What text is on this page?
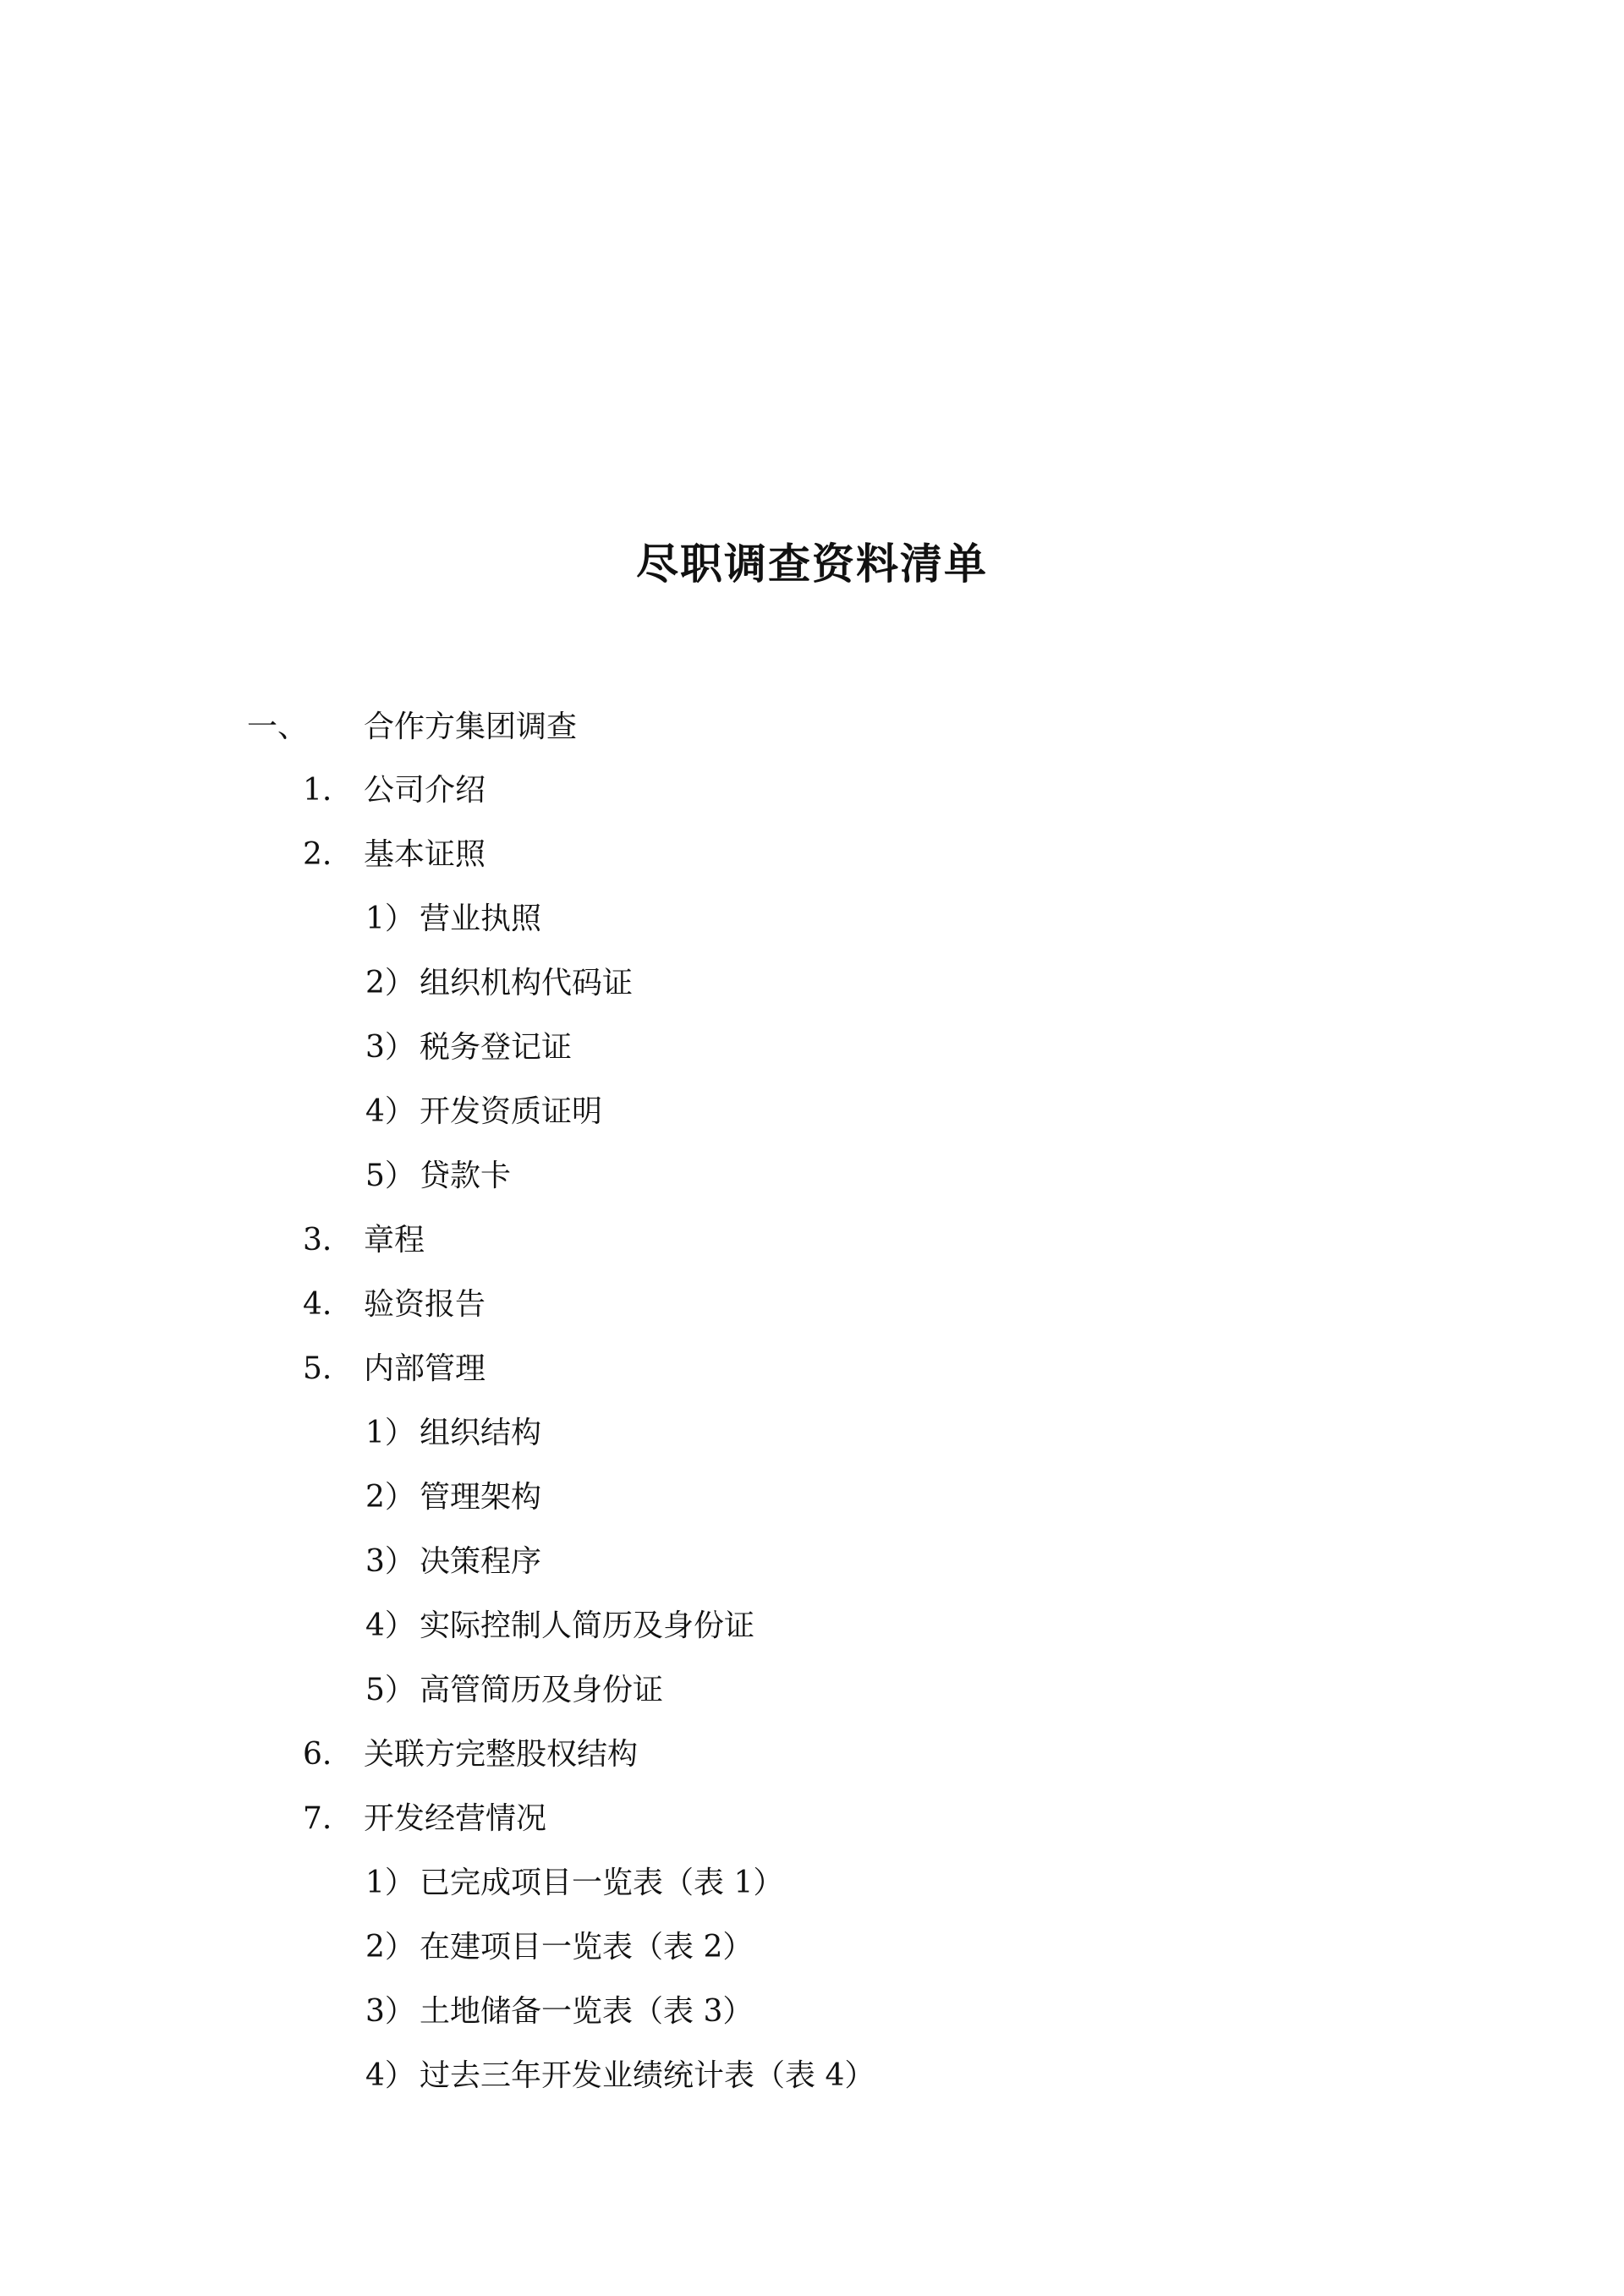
尽职调查资料清单
一、 合作方集团调查
1. 公司介绍
2. 基本证照
1） 营业执照
2） 组织机构代码证
3） 税务登记证
4） 开发资质证明
5） 贷款卡
3. 章程
4. 验资报告
5. 内部管理
1） 组织结构
2） 管理架构
3） 决策程序
4） 实际控制人简历及身份证
5） 高管简历及身份证
6. 关联方完整股权结构
7. 开发经营情况
1） 已完成项目一览表（表 1）
2） 在建项目一览表（表 2）
3） 土地储备一览表（表 3）
4） 过去三年开发业绩统计表（表 4）
